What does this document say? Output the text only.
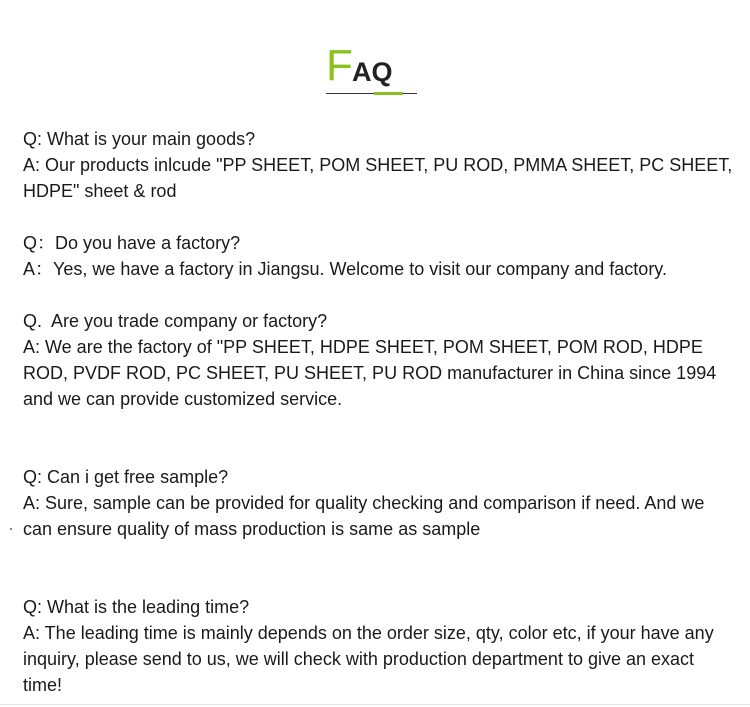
F AQ
Q: What is your main goods?
A: Our products inlcude "PP SHEET, POM SHEET, PU ROD, PMMA SHEET, PC SHEET, HDPE" sheet & rod
Q：Do you have a factory?
A：Yes, we have a factory in Jiangsu. Welcome to visit our company and factory.
Q.  Are you trade company or factory?
A: We are the factory of "PP SHEET, HDPE SHEET, POM SHEET, POM ROD, HDPE ROD, PVDF ROD, PC SHEET, PU SHEET, PU ROD manufacturer in China since 1994 and we can provide customized service.
Q: Can i get free sample?
A: Sure, sample can be provided for quality checking and comparison if need. And we can ensure quality of mass production is same as sample
Q: What is the leading time?
A: The leading time is mainly depends on the order size, qty, color etc, if your have any inquiry, please send to us, we will check with production department to give an exact time!
